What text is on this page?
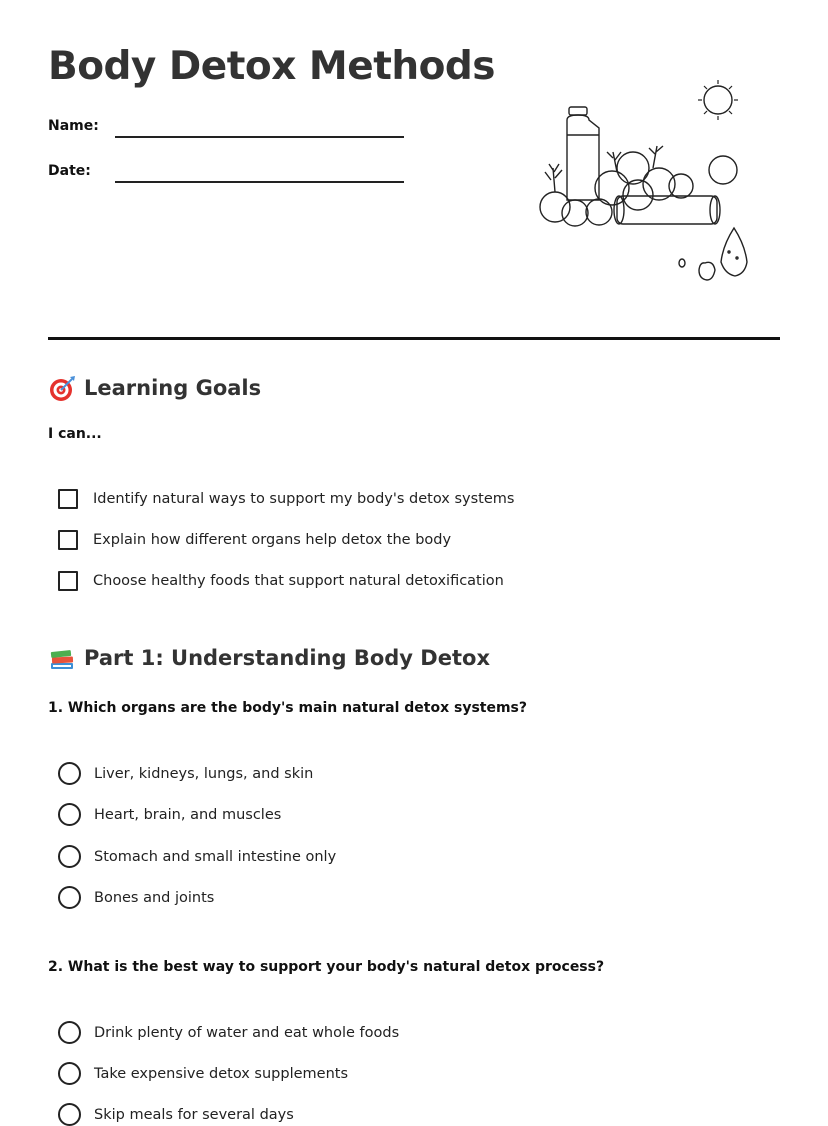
Body Detox Methods
Name:
Date:
Learning Goals
I can...
Identify natural ways to support my body's detox systems
Explain how different organs help detox the body
Choose healthy foods that support natural detoxification
Part 1: Understanding Body Detox
1. Which organs are the body's main natural detox systems?
Liver, kidneys, lungs, and skin
Heart, brain, and muscles
Stomach and small intestine only
Bones and joints
2. What is the best way to support your body's natural detox process?
Drink plenty of water and eat whole foods
Take expensive detox supplements
Skip meals for several days
